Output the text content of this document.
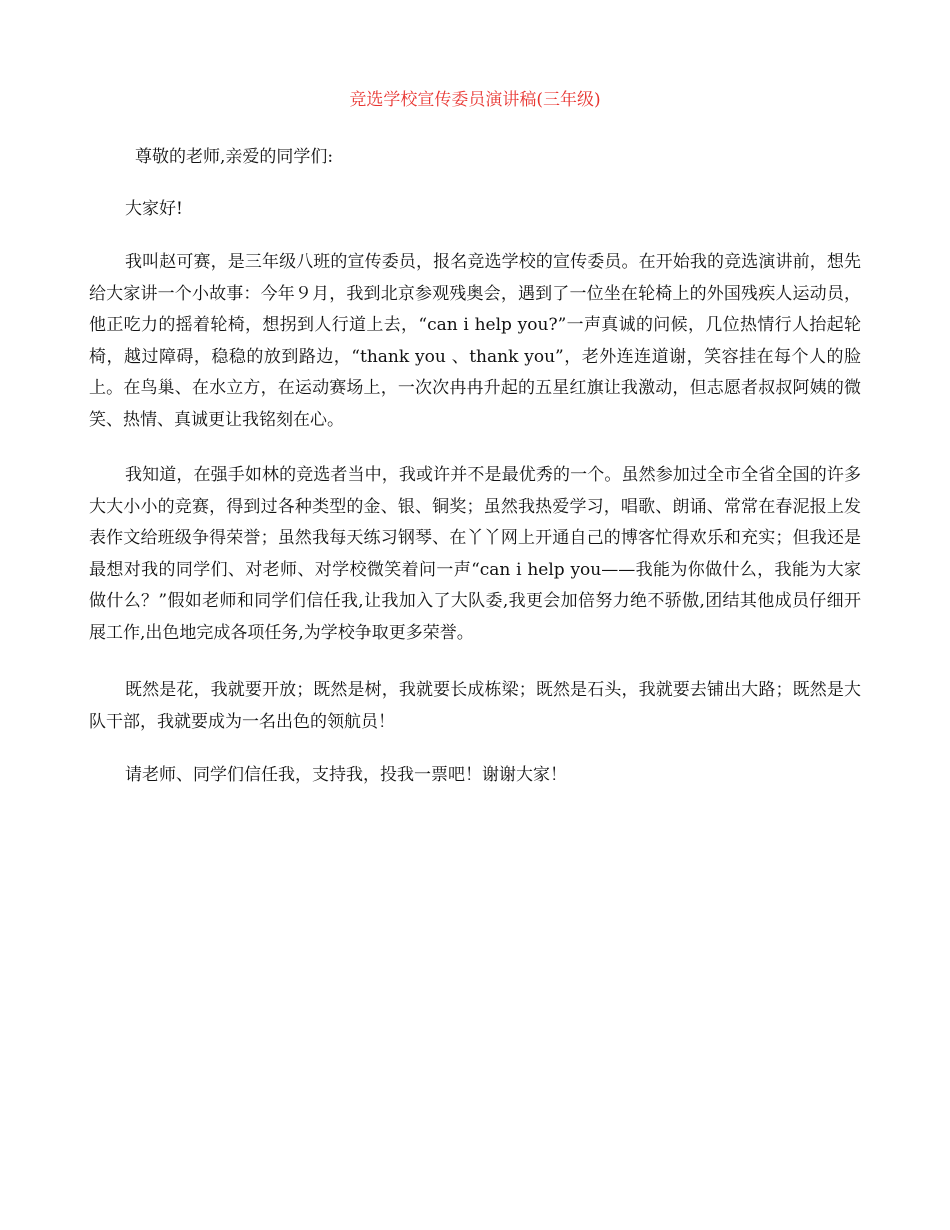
竞选学校宣传委员演讲稿(三年级)

尊敬的老师,亲爱的同学们:

大家好!

我叫赵可赛，是三年级八班的宣传委员，报名竞选学校的宣传委员。在开始我的竞选演讲前，想先给大家讲一个小故事：今年９月，我到北京参观残奥会，遇到了一位坐在轮椅上的外国残疾人运动员，他正吃力的摇着轮椅，想拐到人行道上去，“can i help you?”一声真诚的问候，几位热情行人抬起轮椅，越过障碍，稳稳的放到路边，“thank you 、thank you”，老外连连道谢，笑容挂在每个人的脸上。在鸟巢、在水立方，在运动赛场上，一次次冉冉升起的五星红旗让我激动，但志愿者叔叔阿姨的微笑、热情、真诚更让我铭刻在心。

我知道，在强手如林的竞选者当中，我或许并不是最优秀的一个。虽然参加过全市全省全国的许多大大小小的竞赛，得到过各种类型的金、银、铜奖；虽然我热爱学习，唱歌、朗诵、常常在春泥报上发表作文给班级争得荣誉；虽然我每天练习钢琴、在丫丫网上开通自己的博客忙得欢乐和充实；但我还是最想对我的同学们、对老师、对学校微笑着问一声“can i help you——我能为你做什么，我能为大家做什么？”假如老师和同学们信任我,让我加入了大队委,我更会加倍努力绝不骄傲,团结其他成员仔细开展工作,出色地完成各项任务,为学校争取更多荣誉。

既然是花，我就要开放；既然是树，我就要长成栋梁；既然是石头，我就要去铺出大路；既然是大队干部，我就要成为一名出色的领航员！

请老师、同学们信任我，支持我，投我一票吧！谢谢大家！
